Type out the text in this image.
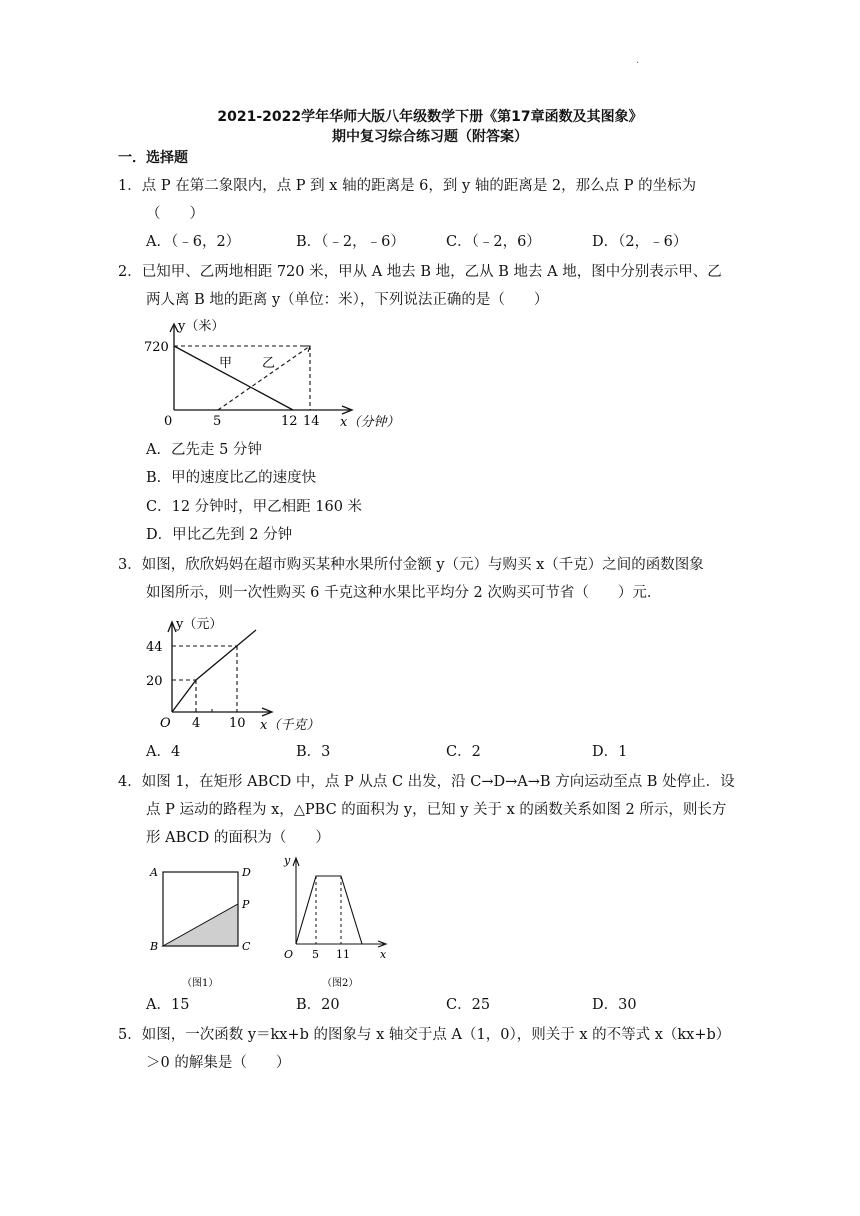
·
2021-2022学年华师大版八年级数学下册《第17章函数及其图象》
期中复习综合练习题（附答案）
一．选择题
1．点 P 在第二象限内，点 P 到 x 轴的距离是 6，到 y 轴的距离是 2，那么点 P 的坐标为
（　　）
A．（﹣6，2）	B．（﹣2，﹣6）	C．（﹣2，6）	D．（2，﹣6）
2．已知甲、乙两地相距 720 米，甲从 A 地去 B 地，乙从 B 地去 A 地，图中分别表示甲、乙
两人离 B 地的距离 y（单位：米），下列说法正确的是（　　）
y（米）
720
0	5	12 14 x（分钟）
甲 乙
A．乙先走 5 分钟
B．甲的速度比乙的速度快
C．12 分钟时，甲乙相距 160 米
D．甲比乙先到 2 分钟
3．如图，欣欣妈妈在超市购买某种水果所付金额 y（元）与购买 x（千克）之间的函数图象
如图所示，则一次性购买 6 千克这种水果比平均分 2 次购买可节省（　　）元．
y（元）
44
20
O 4 10 x（千克）
A．4	B．3	C．2	D．1
4．如图 1，在矩形 ABCD 中，点 P 从点 C 出发，沿 C→D→A→B 方向运动至点 B 处停止．设
点 P 运动的路程为 x，△PBC 的面积为 y，已知 y 关于 x 的函数关系如图 2 所示，则长方
形 ABCD 的面积为（　　）
A	D
P
B	C
（图1）
y
x
O 5 11
（图2）
A．15	B．20	C．25	D．30
5．如图，一次函数 y＝kx+b 的图象与 x 轴交于点 A（1，0），则关于 x 的不等式 x（kx+b）
＞0 的解集是（　　）
